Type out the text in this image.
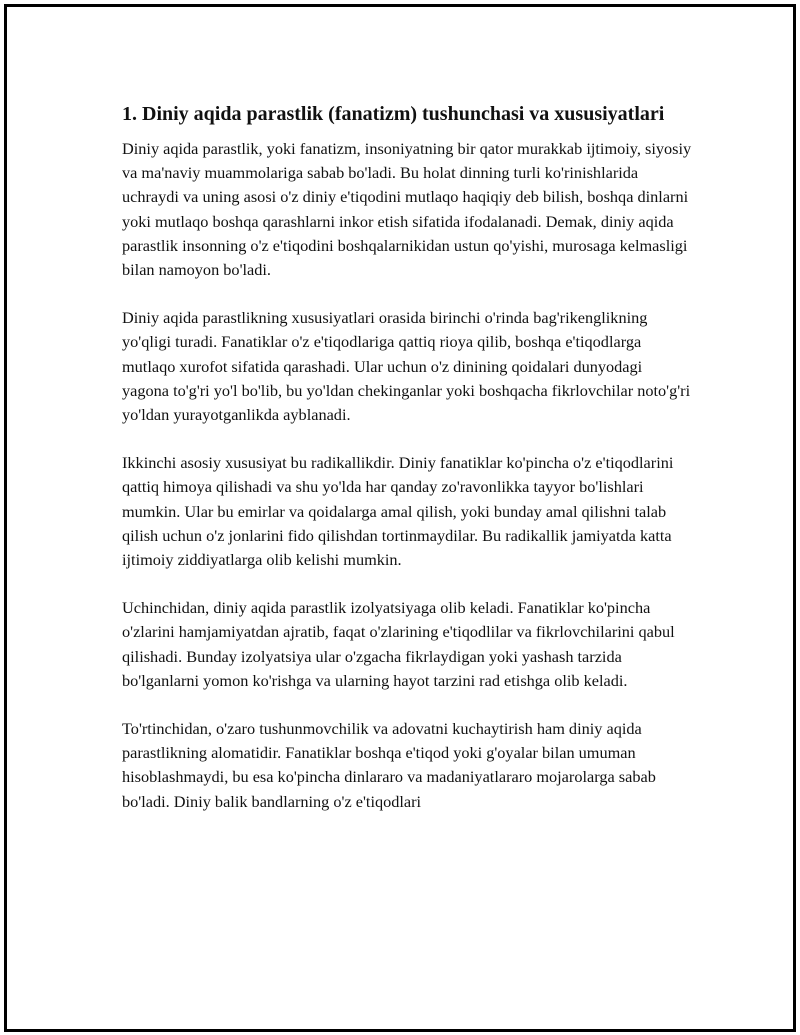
1. Diniy aqida parastlik (fanatizm) tushunchasi va xususiyatlari

Diniy aqida parastlik, yoki fanatizm, insoniyatning bir qator murakkab ijtimoiy, siyosiy va ma'naviy muammolariga sabab bo'ladi. Bu holat dinning turli ko'rinishlarida uchraydi va uning asosi o'z diniy e'tiqodini mutlaqo haqiqiy deb bilish, boshqa dinlarni yoki mutlaqo boshqa qarashlarni inkor etish sifatida ifodalanadi. Demak, diniy aqida parastlik insonning o'z e'tiqodini boshqalarnikidan ustun qo'yishi, murosaga kelmasligi bilan namoyon bo'ladi.

Diniy aqida parastlikning xususiyatlari orasida birinchi o'rinda bag'rikenglikning yo'qligi turadi. Fanatiklar o'z e'tiqodlariga qattiq rioya qilib, boshqa e'tiqodlarga mutlaqo xurofot sifatida qarashadi. Ular uchun o'z dinining qoidalari dunyodagi yagona to'g'ri yo'l bo'lib, bu yo'ldan chekinganlar yoki boshqacha fikrlovchilar noto'g'ri yo'ldan yurayotganlikda ayblanadi.

Ikkinchi asosiy xususiyat bu radikallikdir. Diniy fanatiklar ko'pincha o'z e'tiqodlarini qattiq himoya qilishadi va shu yo'lda har qanday zo'ravonlikka tayyor bo'lishlari mumkin. Ular bu emirlar va qoidalarga amal qilish, yoki bunday amal qilishni talab qilish uchun o'z jonlarini fido qilishdan tortinmaydilar. Bu radikallik jamiyatda katta ijtimoiy ziddiyatlarga olib kelishi mumkin.

Uchinchidan, diniy aqida parastlik izolyatsiyaga olib keladi. Fanatiklar ko'pincha o'zlarini hamjamiyatdan ajratib, faqat o'zlarining e'tiqodlilar va fikrlovchilarini qabul qilishadi. Bunday izolyatsiya ular o'zgacha fikrlaydigan yoki yashash tarzida bo'lganlarni yomon ko'rishga va ularning hayot tarzini rad etishga olib keladi.

To'rtinchidan, o'zaro tushunmovchilik va adovatni kuchaytirish ham diniy aqida parastlikning alomatidir. Fanatiklar boshqa e'tiqod yoki g'oyalar bilan umuman hisoblashmaydi, bu esa ko'pincha dinlararo va madaniyatlararo mojarolarga sabab bo'ladi. Diniy balik bandlarning o'z e'tiqodlari
